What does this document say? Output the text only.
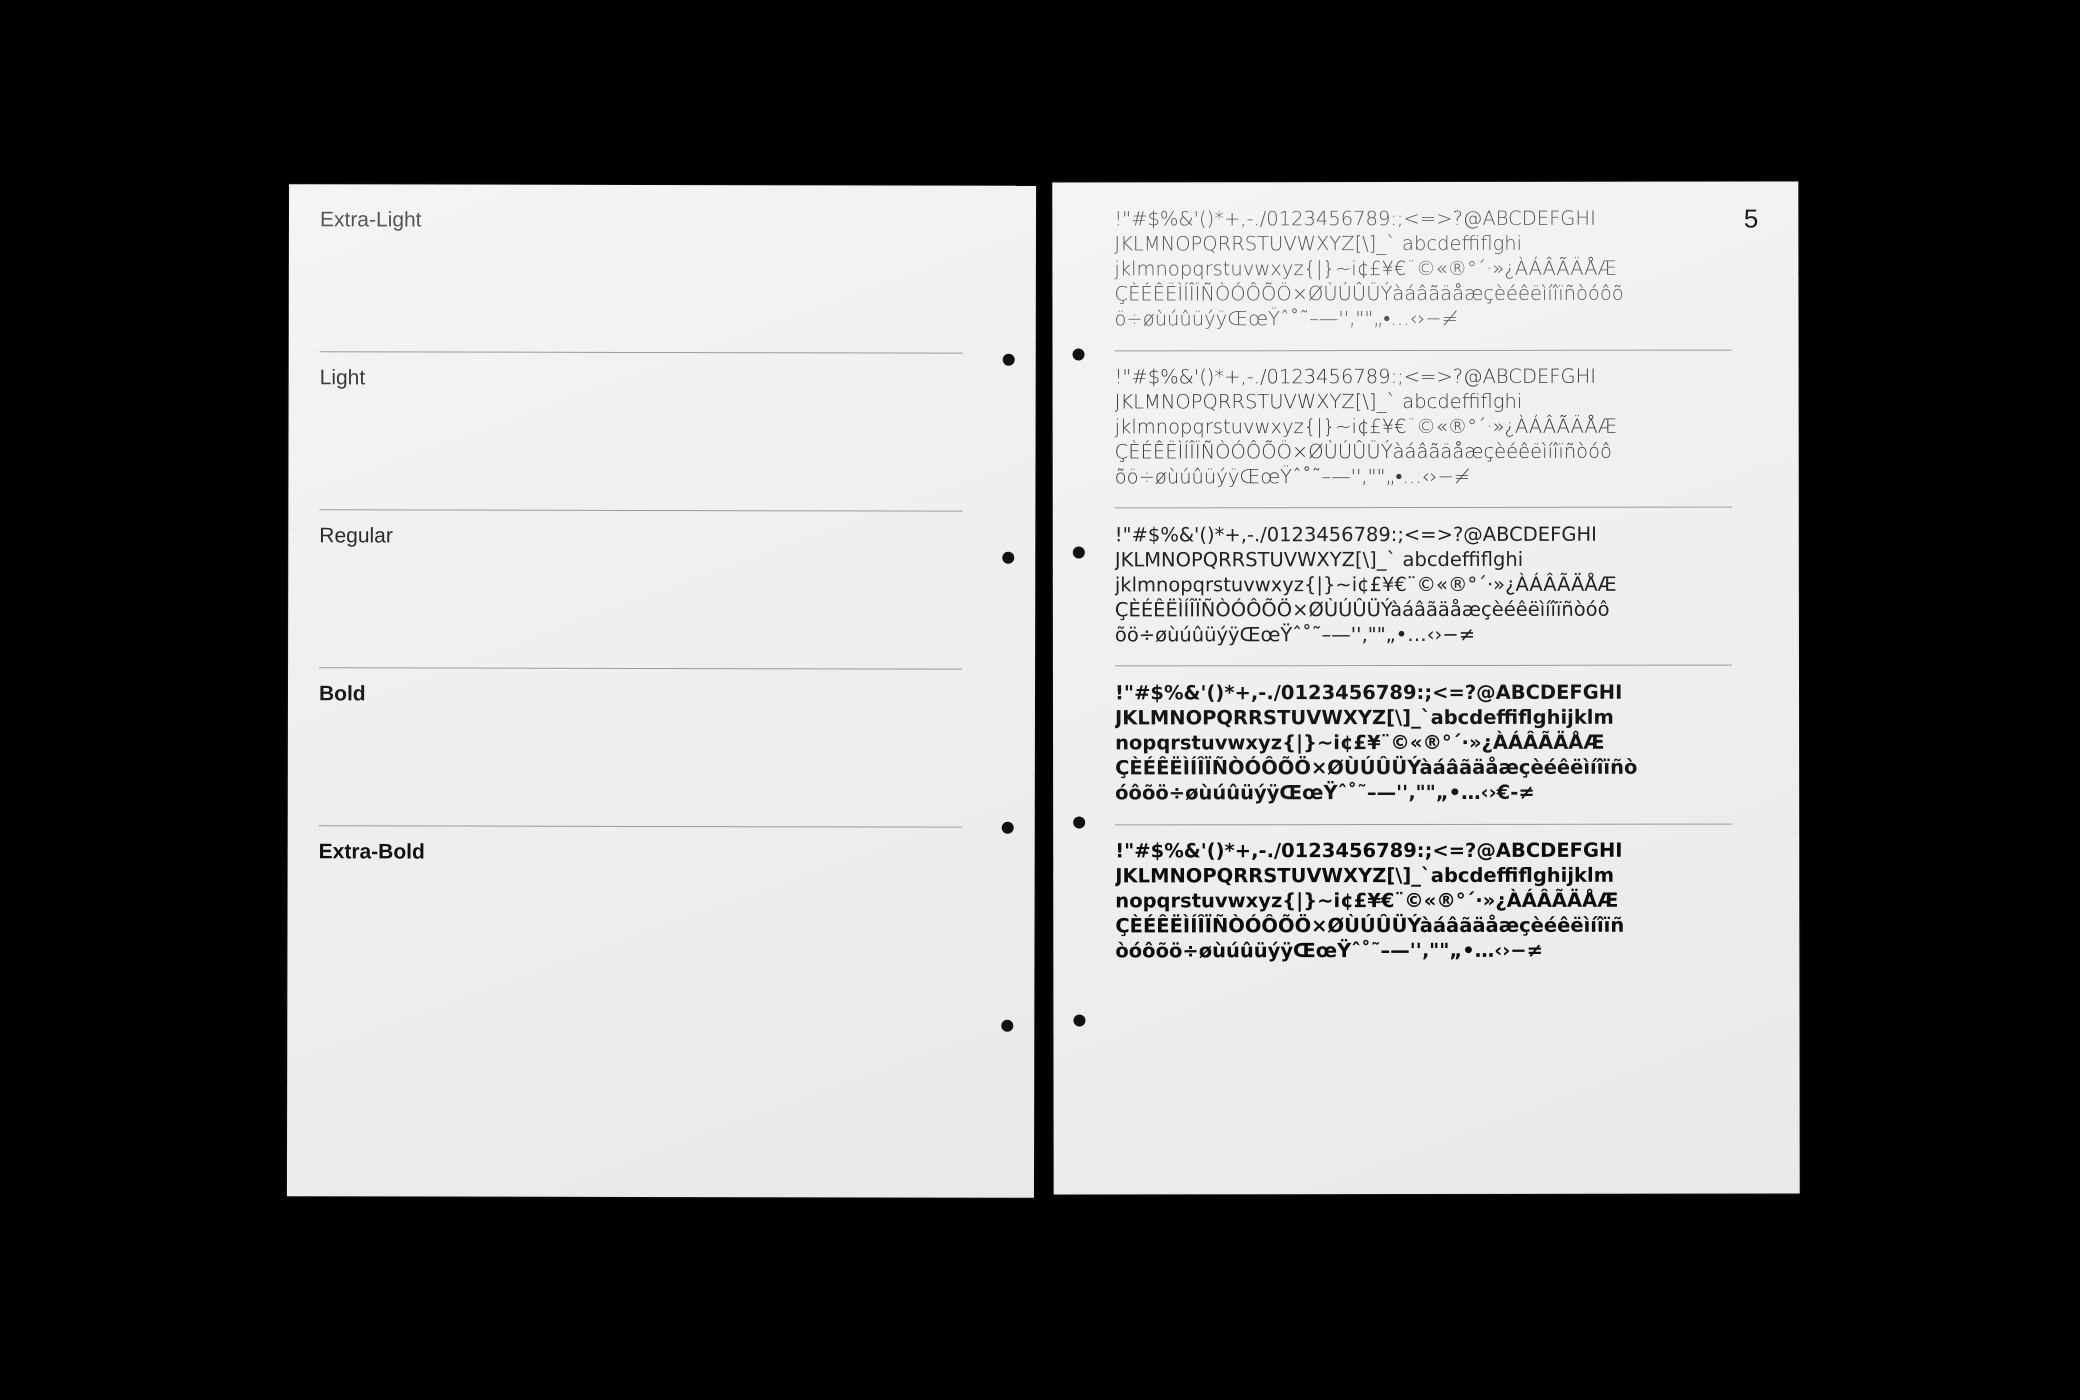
Extra-Light
Light
Regular
Bold
Extra-Bold
5
!"#$%&'()*+,-./0123456789:;<=>?@ABCDEFGHI
JKLMNOPQRRSTUVWXYZ[\]_` abcdeffiflghi
jklmnopqrstuvwxyz{|}~i¢£¥€¨©«®°´·»¿ÀÁÂÃÄÅÆ
ÇÈÉÊËÌÍÎÏÑÒÓÔÕÖ×ØÙÚÛÜÝàáâãäåæçèéêëìíîïñòóôõ
ö÷øùúûüýÿŒœŸˆ˚˜–—''‚""„•…‹›−≠
!"#$%&'()*+,-./0123456789:;<=>?@ABCDEFGHI
JKLMNOPQRRSTUVWXYZ[\]_` abcdeffiflghi
jklmnopqrstuvwxyz{|}~i¢£¥€¨©«®°´·»¿ÀÁÂÃÄÅÆ
ÇÈÉÊËÌÍÎÏÑÒÓÔÕÖ×ØÙÚÛÜÝàáâãäåæçèéêëìíîïñòóô
õö÷øùúûüýÿŒœŸˆ˚˜–—''‚""„•…‹›−≠
!"#$%&'()*+,-./0123456789:;<=>?@ABCDEFGHI
JKLMNOPQRRSTUVWXYZ[\]_` abcdeffiflghi
jklmnopqrstuvwxyz{|}~i¢£¥€¨©«®°´·»¿ÀÁÂÃÄÅÆ
ÇÈÉÊËÌÍÎÏÑÒÓÔÕÖ×ØÙÚÛÜÝàáâãäåæçèéêëìíîïñòóô
õö÷øùúûüýÿŒœŸˆ˚˜–—''‚""„•…‹›−≠
!"#$%&'()*+,-./0123456789:;<=?@ABCDEFGHI
JKLMNOPQRRSTUVWXYZ[\]_`abcdeffiflghijklm
nopqrstuvwxyz{|}~i¢£¥¨©«®°´·»¿ÀÁÂÃÄÅÆ
ÇÈÉÊËÌÍÎÏÑÒÓÔÕÖ×ØÙÚÛÜÝàáâãäåæçèéêëìíîïñò
óôõö÷øùúûüýÿŒœŸˆ˚˜–—''‚""„•…‹›€-≠
!"#$%&'()*+,-./0123456789:;<=?@ABCDEFGHI
JKLMNOPQRRSTUVWXYZ[\]_`abcdeffiflghijklm
nopqrstuvwxyz{|}~i¢£¥€¨©«®°´·»¿ÀÁÂÃÄÅÆ
ÇÈÉÊËÌÍÎÏÑÒÓÔÕÖ×ØÙÚÛÜÝàáâãäåæçèéêëìíîïñ
òóôõö÷øùúûüýÿŒœŸˆ˚˜–—''‚""„•…‹›−≠
